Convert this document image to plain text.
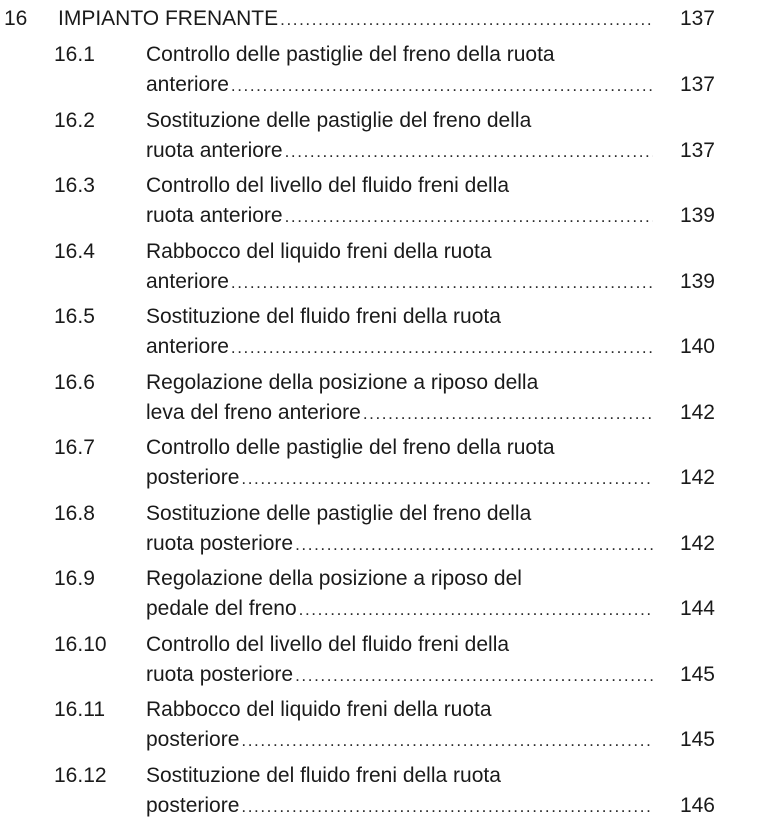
16	IMPIANTO FRENANTE .....	137
16.1	Controllo delle pastiglie del freno della ruota
anteriore .....	137
16.2	Sostituzione delle pastiglie del freno della
ruota anteriore .....	137
16.3	Controllo del livello del fluido freni della
ruota anteriore .....	139
16.4	Rabbocco del liquido freni della ruota
anteriore .....	139
16.5	Sostituzione del fluido freni della ruota
anteriore .....	140
16.6	Regolazione della posizione a riposo della
leva del freno anteriore .....	142
16.7	Controllo delle pastiglie del freno della ruota
posteriore .....	142
16.8	Sostituzione delle pastiglie del freno della
ruota posteriore .....	142
16.9	Regolazione della posizione a riposo del
pedale del freno .....	144
16.10	Controllo del livello del fluido freni della
ruota posteriore .....	145
16.11	Rabbocco del liquido freni della ruota
posteriore .....	145
16.12	Sostituzione del fluido freni della ruota
posteriore .....	146
